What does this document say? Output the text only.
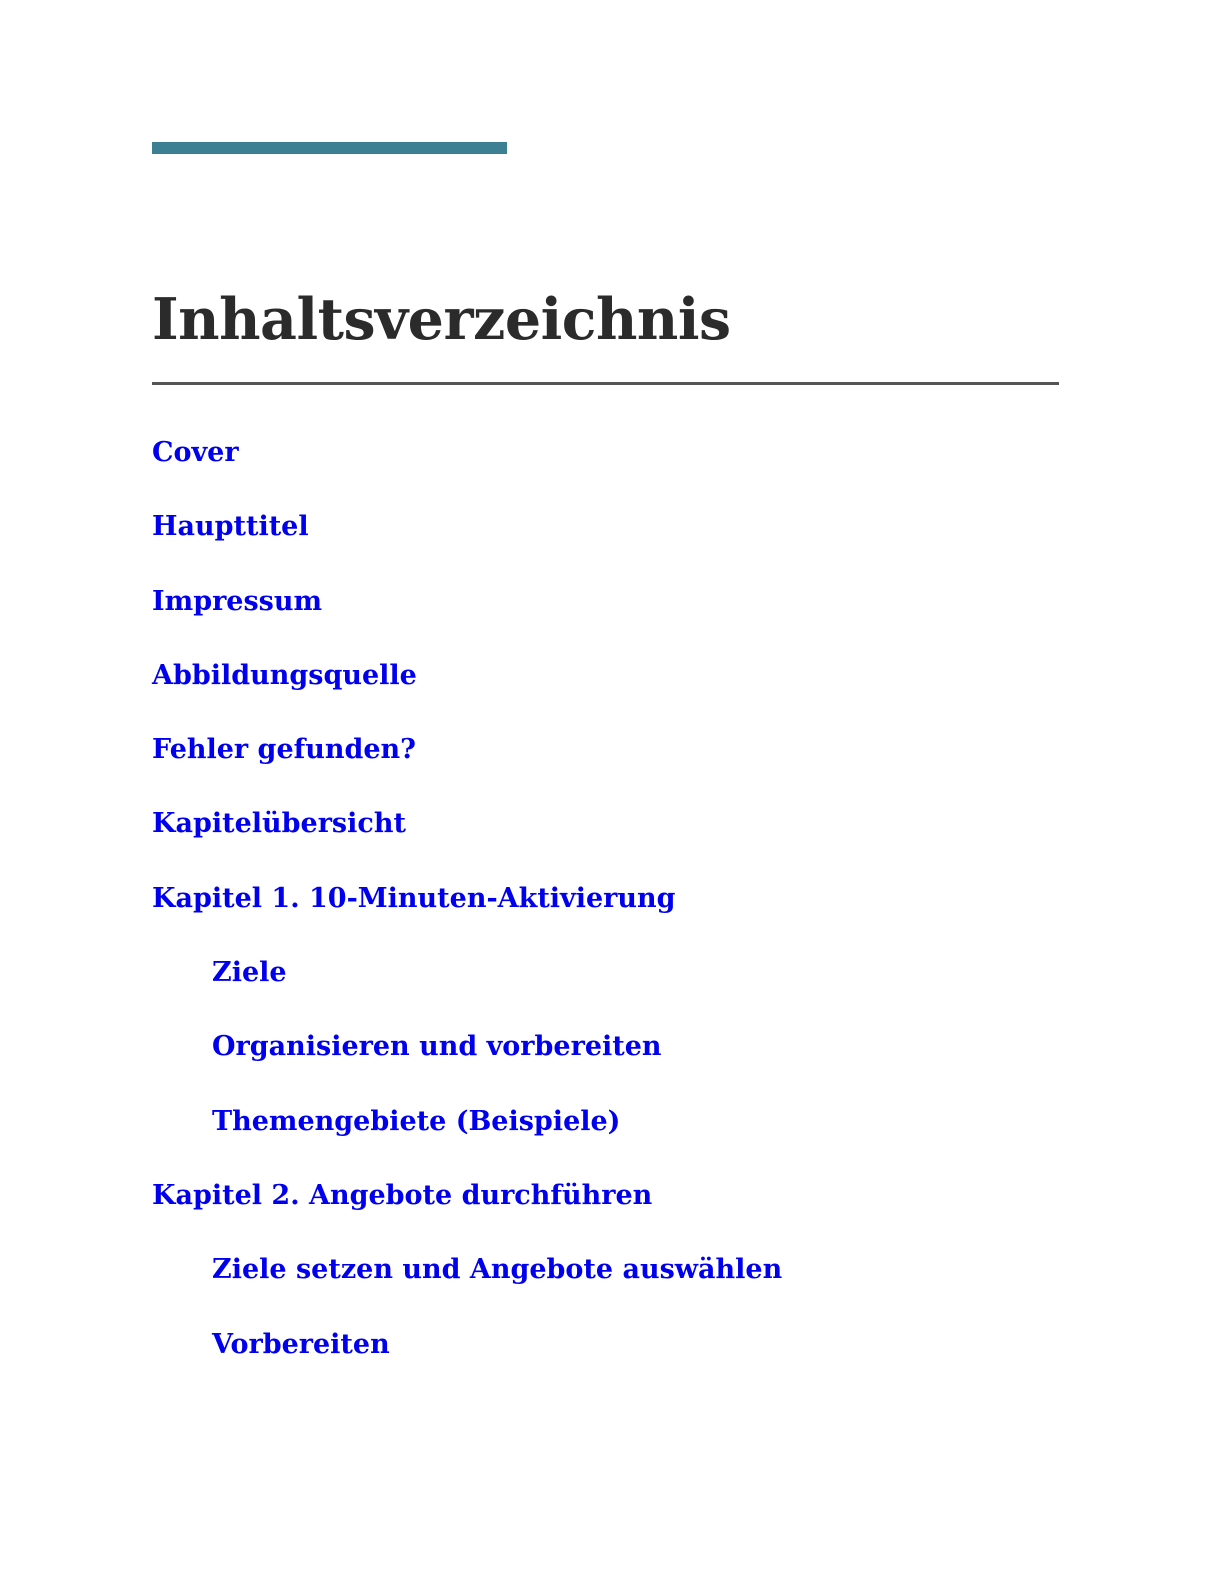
Inhaltsverzeichnis
Cover
Haupttitel
Impressum
Abbildungsquelle
Fehler gefunden?
Kapitelübersicht
Kapitel 1. 10-Minuten-Aktivierung
Ziele
Organisieren und vorbereiten
Themengebiete (Beispiele)
Kapitel 2. Angebote durchführen
Ziele setzen und Angebote auswählen
Vorbereiten
